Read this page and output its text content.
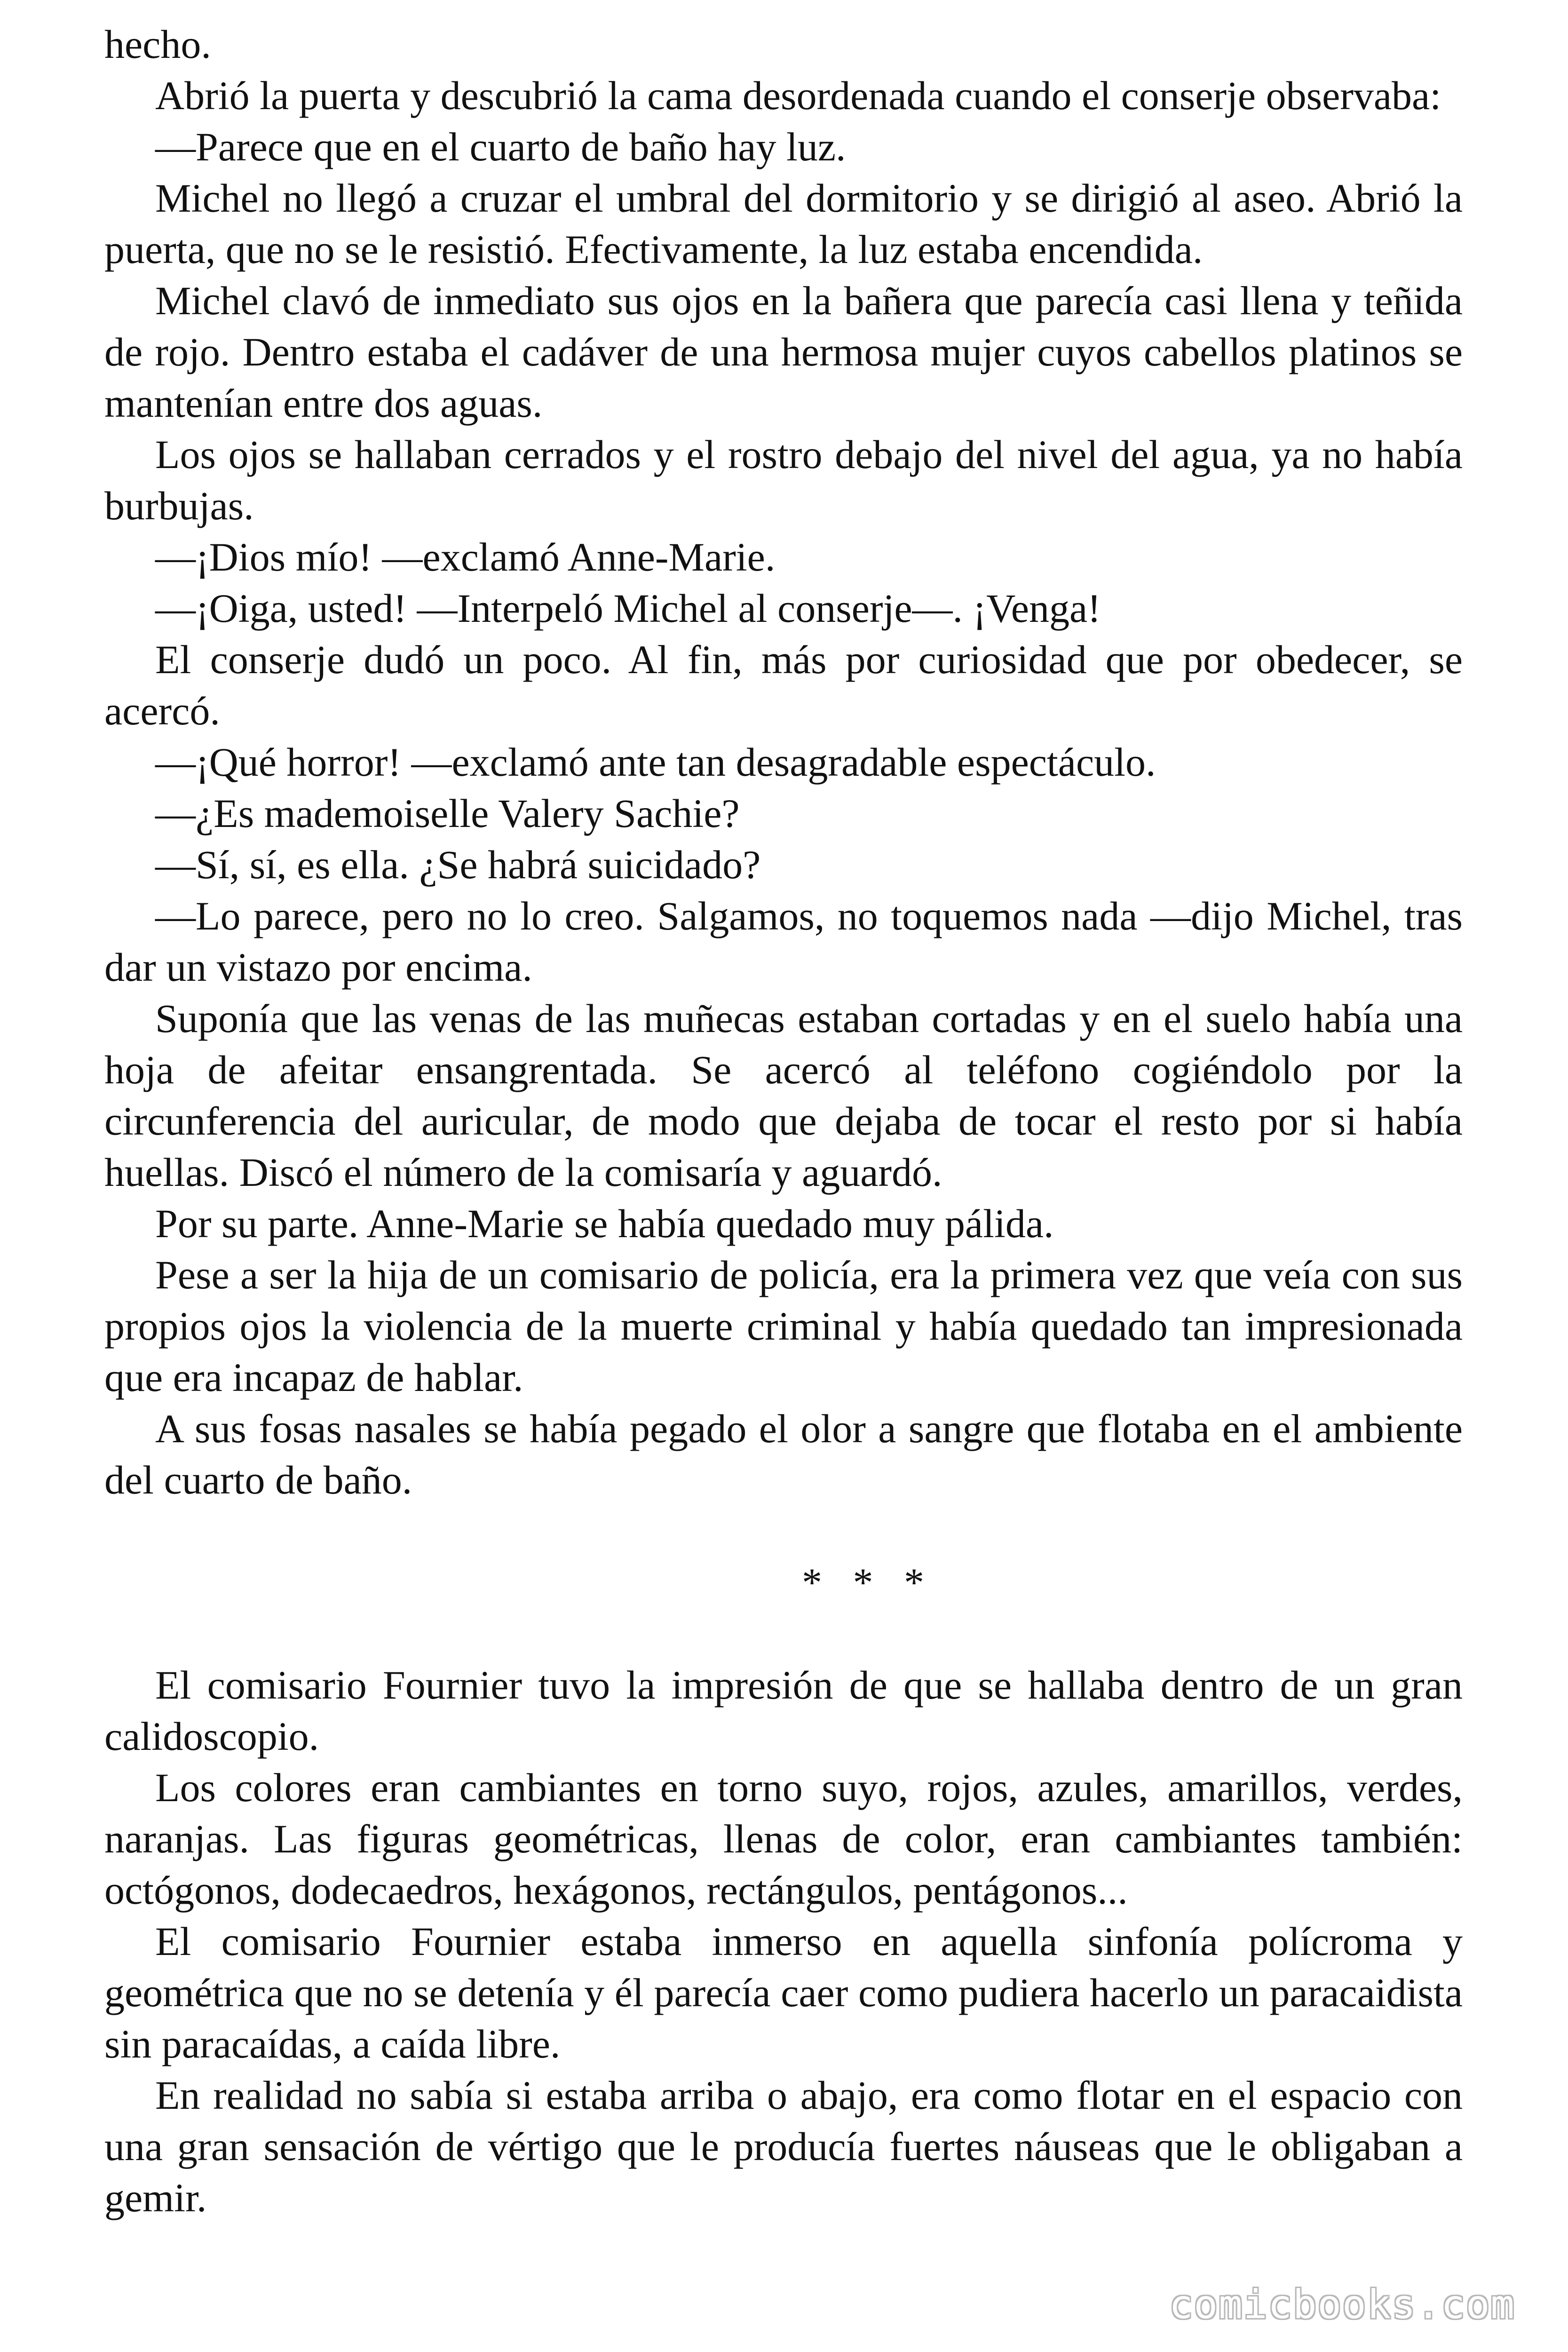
hecho.

Abrió la puerta y descubrió la cama desordenada cuando el conserje observaba:

—Parece que en el cuarto de baño hay luz.

Michel no llegó a cruzar el umbral del dormitorio y se dirigió al aseo. Abrió la puerta, que no se le resistió. Efectivamente, la luz estaba encendida.

Michel clavó de inmediato sus ojos en la bañera que parecía casi llena y teñida de rojo. Dentro estaba el cadáver de una hermosa mujer cuyos cabellos platinos se mantenían entre dos aguas.

Los ojos se hallaban cerrados y el rostro debajo del nivel del agua, ya no había burbujas.

—¡Dios mío! —exclamó Anne-Marie.

—¡Oiga, usted! —Interpeló Michel al conserje—. ¡Venga!

El conserje dudó un poco. Al fin, más por curiosidad que por obedecer, se acercó.

—¡Qué horror! —exclamó ante tan desagradable espectáculo.

—¿Es mademoiselle Valery Sachie?

—Sí, sí, es ella. ¿Se habrá suicidado?

—Lo parece, pero no lo creo. Salgamos, no toquemos nada —dijo Michel, tras dar un vistazo por encima.

Suponía que las venas de las muñecas estaban cortadas y en el suelo había una hoja de afeitar ensangrentada. Se acercó al teléfono cogiéndolo por la circunferencia del auricular, de modo que dejaba de tocar el resto por si había huellas. Discó el número de la comisaría y aguardó.

Por su parte. Anne-Marie se había quedado muy pálida.

Pese a ser la hija de un comisario de policía, era la primera vez que veía con sus propios ojos la violencia de la muerte criminal y había quedado tan impresionada que era incapaz de hablar.

A sus fosas nasales se había pegado el olor a sangre que flotaba en el ambiente del cuarto de baño.

* * *

El comisario Fournier tuvo la impresión de que se hallaba dentro de un gran calidoscopio.

Los colores eran cambiantes en torno suyo, rojos, azules, amarillos, verdes, naranjas. Las figuras geométricas, llenas de color, eran cambiantes también: octógonos, dodecaedros, hexágonos, rectángulos, pentágonos...

El comisario Fournier estaba inmerso en aquella sinfonía polícroma y geométrica que no se detenía y él parecía caer como pudiera hacerlo un paracaidista sin paracaídas, a caída libre.

En realidad no sabía si estaba arriba o abajo, era como flotar en el espacio con una gran sensación de vértigo que le producía fuertes náuseas que le obligaban a gemir.

comicbooks.com
